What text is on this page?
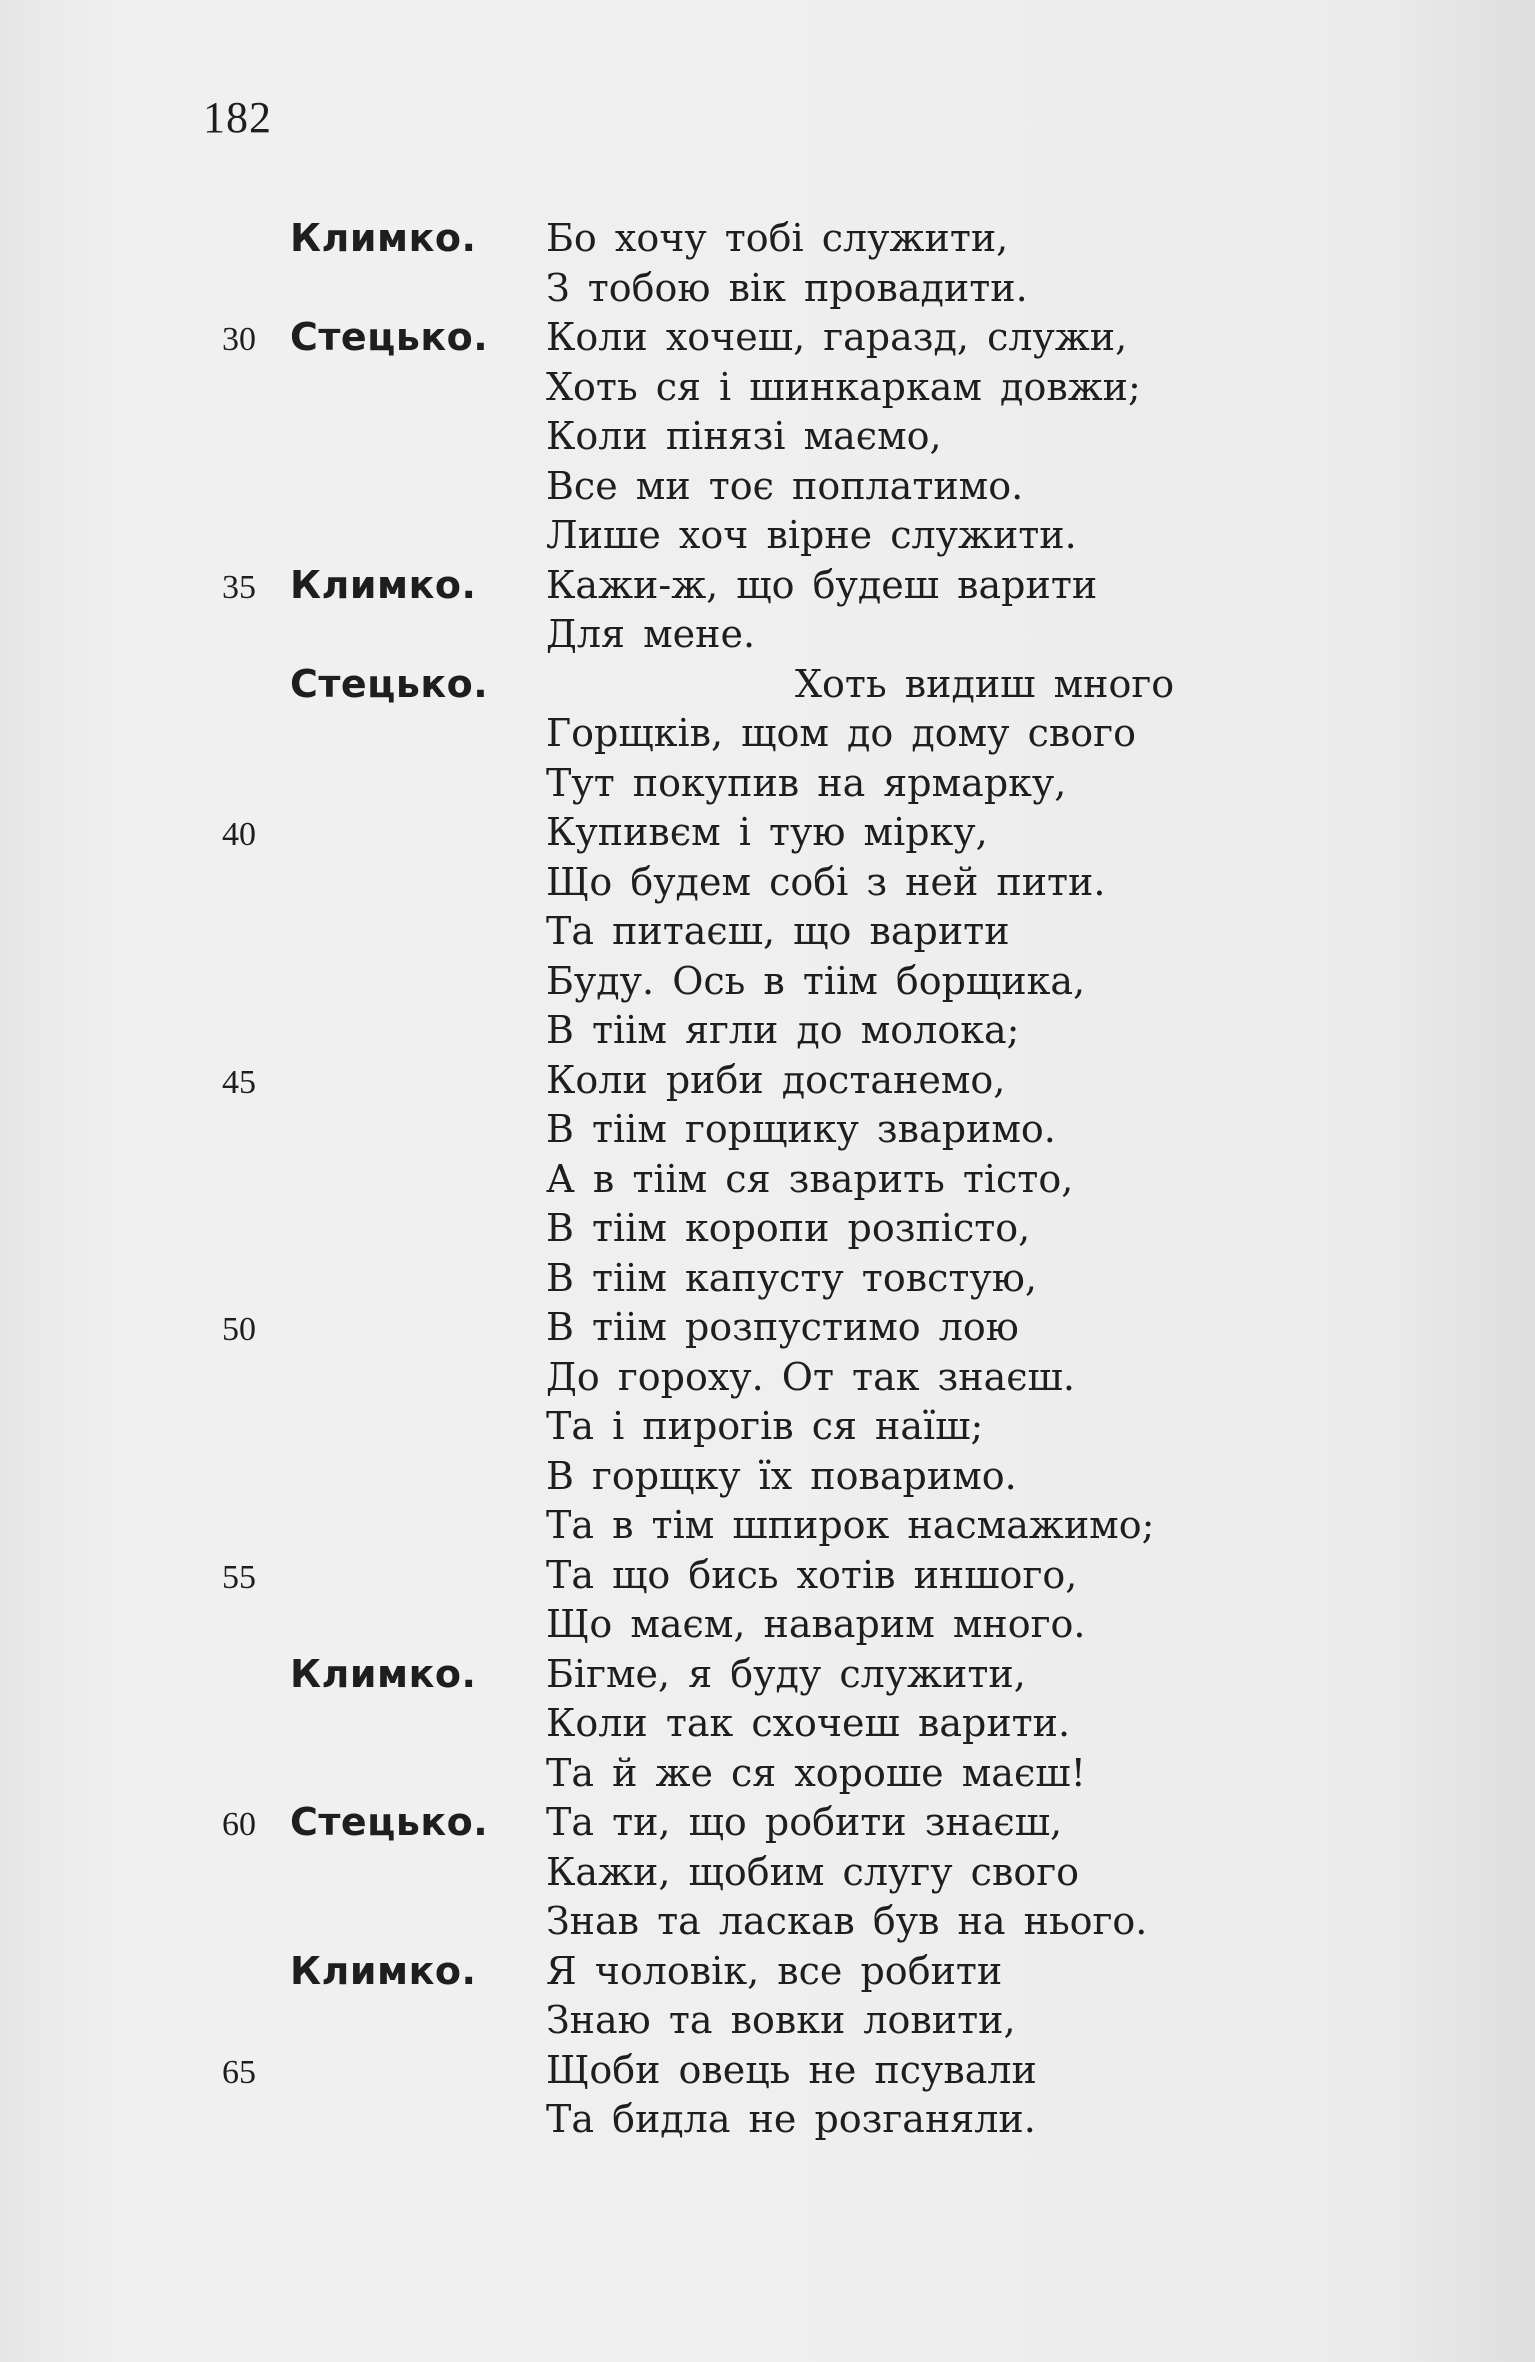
182
Климко. Бо хочу тобі служити,
З тобою вік провадити.
30 Стецько. Коли хочеш, гаразд, служи,
Хоть ся і шинкаркам довжи;
Коли пінязі маємо,
Все ми тоє поплатимо.
Лише хоч вірне служити.
35 Климко. Кажи-ж, що будеш варити
Для мене.
Стецько.	Хоть видиш много
Горщків, щом до дому свого
Тут покупив на ярмарку,
40	Купивєм і тую мірку,
Що будем собі з ней пити.
Та питаєш, що варити
Буду. Ось в тіім борщика,
В тіім ягли до молока;
45	Коли риби достанемо,
В тіім горщику зваримо.
А в тіім ся зварить тісто,
В тіім коропи розпісто,
В тіім капусту товстую,
50	В тіім розпустимо лою
До гороху. От так знаєш.
Та і пирогів ся наїш;
В горщку їх поваримо.
Та в тім шпирок насмажимо;
55	Та що бись хотів иншого,
Що маєм, наварим много.
Климко. Бігме, я буду служити,
Коли так схочеш варити.
Та й же ся хороше маєш!
60 Стецько. Та ти, що робити знаєш,
Кажи, щобим слугу свого
Знав та ласкав був на нього.
Климко. Я чоловік, все робити
Знаю та вовки ловити,
65	Щоби овець не псували
Та бидла не розганяли.
